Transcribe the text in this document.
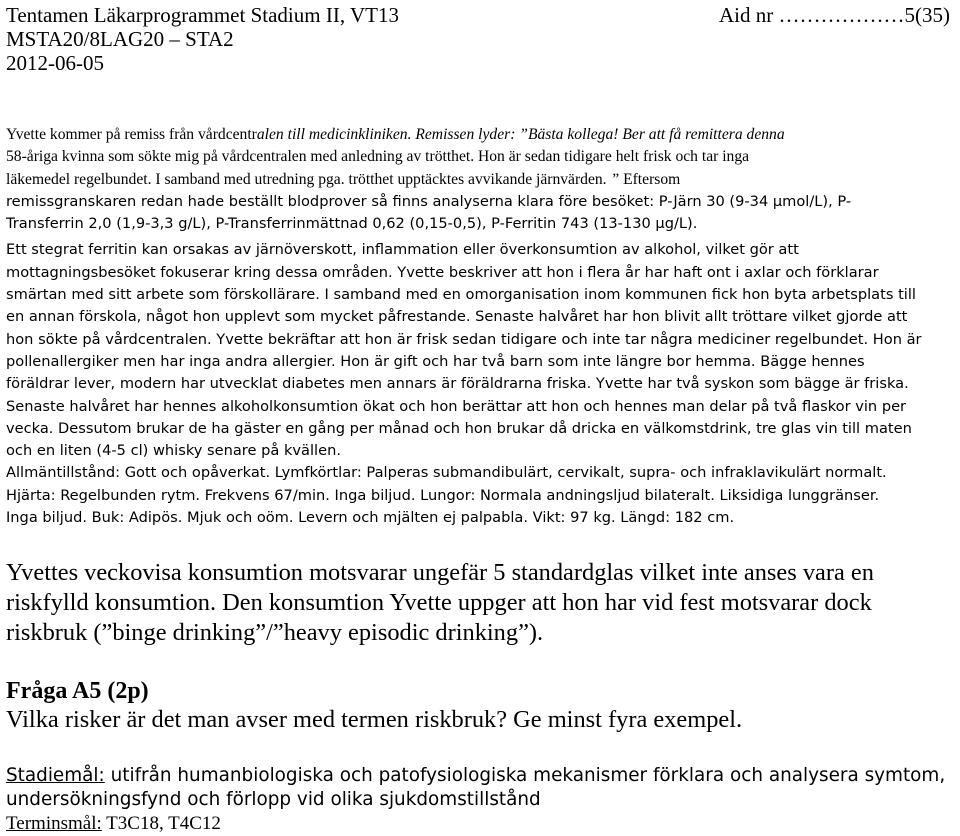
Tentamen Läkarprogrammet Stadium II, VT13
MSTA20/8LAG20 – STA2
2012-06-05
Aid nr ………………5(35)

Yvette kommer på remiss från vårdcentralen till medicinkliniken. Remissen lyder: ”Bästa kollega! Ber att få remittera denna
58-åriga kvinna som sökte mig på vårdcentralen med anledning av trötthet. Hon är sedan tidigare helt frisk och tar inga
läkemedel regelbundet. I samband med utredning pga. trötthet upptäcktes avvikande järnvärden. ” Eftersom
remissgranskaren redan hade beställt blodprover så finns analyserna klara före besöket: P-Järn 30 (9-34 µmol/L), P-
Transferrin 2,0 (1,9-3,3 g/L), P-Transferrinmättnad 0,62 (0,15-0,5), P-Ferritin 743 (13-130 µg/L).

Ett stegrat ferritin kan orsakas av järnöverskott, inflammation eller överkonsumtion av alkohol, vilket gör att
mottagningsbesöket fokuserar kring dessa områden. Yvette beskriver att hon i flera år har haft ont i axlar och förklarar
smärtan med sitt arbete som förskollärare. I samband med en omorganisation inom kommunen fick hon byta arbetsplats till
en annan förskola, något hon upplevt som mycket påfrestande. Senaste halvåret har hon blivit allt tröttare vilket gjorde att
hon sökte på vårdcentralen. Yvette bekräftar att hon är frisk sedan tidigare och inte tar några mediciner regelbundet. Hon är
pollenallergiker men har inga andra allergier. Hon är gift och har två barn som inte längre bor hemma. Bägge hennes
föräldrar lever, modern har utvecklat diabetes men annars är föräldrarna friska. Yvette har två syskon som bägge är friska.
Senaste halvåret har hennes alkoholkonsumtion ökat och hon berättar att hon och hennes man delar på två flaskor vin per
vecka. Dessutom brukar de ha gäster en gång per månad och hon brukar då dricka en välkomstdrink, tre glas vin till maten
och en liten (4-5 cl) whisky senare på kvällen.
Allmäntillstånd: Gott och opåverkat. Lymfkörtlar: Palperas submandibulärt, cervikalt, supra- och infraklavikulärt normalt.
Hjärta: Regelbunden rytm. Frekvens 67/min. Inga biljud. Lungor: Normala andningsljud bilateralt. Liksidiga lunggränser.
Inga biljud. Buk: Adipös. Mjuk och oöm. Levern och mjälten ej palpabla. Vikt: 97 kg. Längd: 182 cm.

Yvettes veckovisa konsumtion motsvarar ungefär 5 standardglas vilket inte anses vara en
riskfylld konsumtion. Den konsumtion Yvette uppger att hon har vid fest motsvarar dock
riskbruk (”binge drinking”/”heavy episodic drinking”).
Fråga A5 (2p)
Vilka risker är det man avser med termen riskbruk? Ge minst fyra exempel.

Stadiemål: utifrån humanbiologiska och patofysiologiska mekanismer förklara och analysera symtom,
undersökningsfynd och förlopp vid olika sjukdomstillstånd

Terminsmål: T3C18, T4C12
